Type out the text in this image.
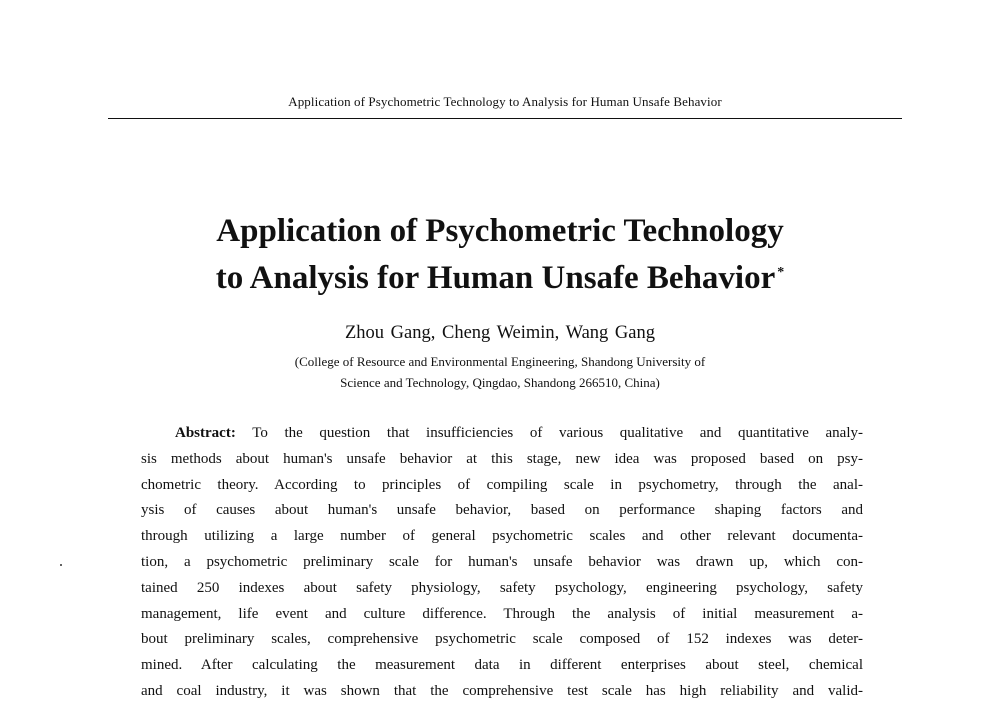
Application of Psychometric Technology to Analysis for Human Unsafe Behavior
Application of Psychometric Technology
to Analysis for Human Unsafe Behavior *
Zhou Gang, Cheng Weimin, Wang Gang
(College of Resource and Environmental Engineering, Shandong University of
Science and Technology, Qingdao, Shandong 266510, China)
Abstract: To the question that insufficiencies of various qualitative and quantitative analy-
sis methods about human's unsafe behavior at this stage, new idea was proposed based on psy-
chometric theory. According to principles of compiling scale in psychometry, through the anal-
ysis of causes about human's unsafe behavior, based on performance shaping factors and
through utilizing a large number of general psychometric scales and other relevant documenta-
tion, a psychometric preliminary scale for human's unsafe behavior was drawn up, which con-
tained 250 indexes about safety physiology, safety psychology, engineering psychology, safety
management, life event and culture difference. Through the analysis of initial measurement a-
bout preliminary scales, comprehensive psychometric scale composed of 152 indexes was deter-
mined. After calculating the measurement data in different enterprises about steel, chemical
and coal industry, it was shown that the comprehensive test scale has high reliability and valid-
